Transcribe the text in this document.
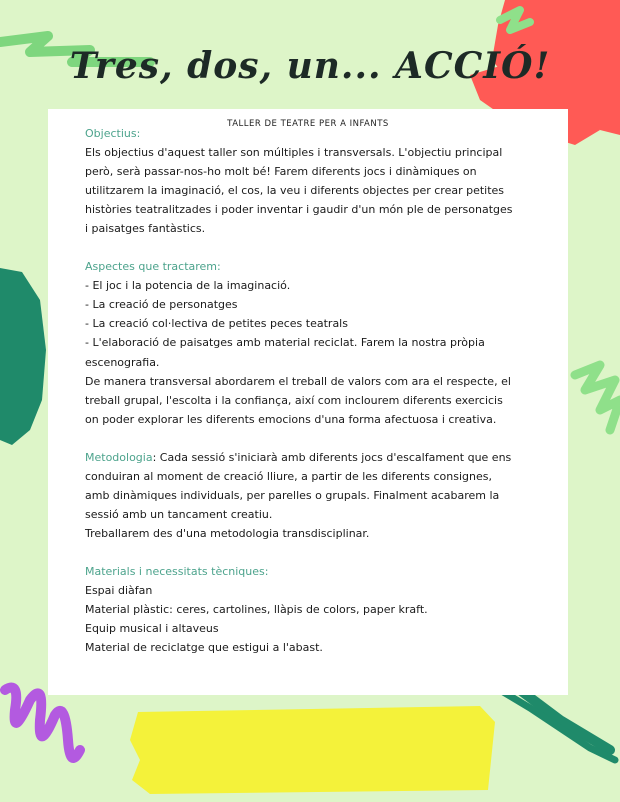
Tres, dos, un... ACCIÓ!
TALLER DE TEATRE PER A INFANTS

Objectius:

Els objectius d'aquest taller son múltiples i transversals. L'objectiu principal

però, serà passar-nos-ho molt bé! Farem diferents jocs i dinàmiques on

utilitzarem la imaginació, el cos, la veu i diferents objectes per crear petites

històries teatralitzades i poder inventar i gaudir d'un món ple de personatges

i paisatges fantàstics.

Aspectes que tractarem:

- El joc i la potencia de la imaginació.

- La creació de personatges

- La creació col·lectiva de petites peces teatrals

- L'elaboració de paisatges amb material reciclat. Farem la nostra pròpia

escenografia.

De manera transversal abordarem el treball de valors com ara el respecte, el

treball grupal, l'escolta i la confiança, així com inclourem diferents exercicis

on poder explorar les diferents emocions d'una forma afectuosa i creativa.

Metodologia: Cada sessió s'iniciarà amb diferents jocs d'escalfament que ens

conduiran al moment de creació lliure, a partir de les diferents consignes,

amb dinàmiques individuals, per parelles o grupals. Finalment acabarem la

sessió amb un tancament creatiu.

Treballarem des d'una metodologia transdisciplinar.

Materials i necessitats tècniques:

Espai diàfan

Material plàstic: ceres, cartolines, llàpis de colors, paper kraft.

Equip musical i altaveus

Material de reciclatge que estigui a l'abast.
